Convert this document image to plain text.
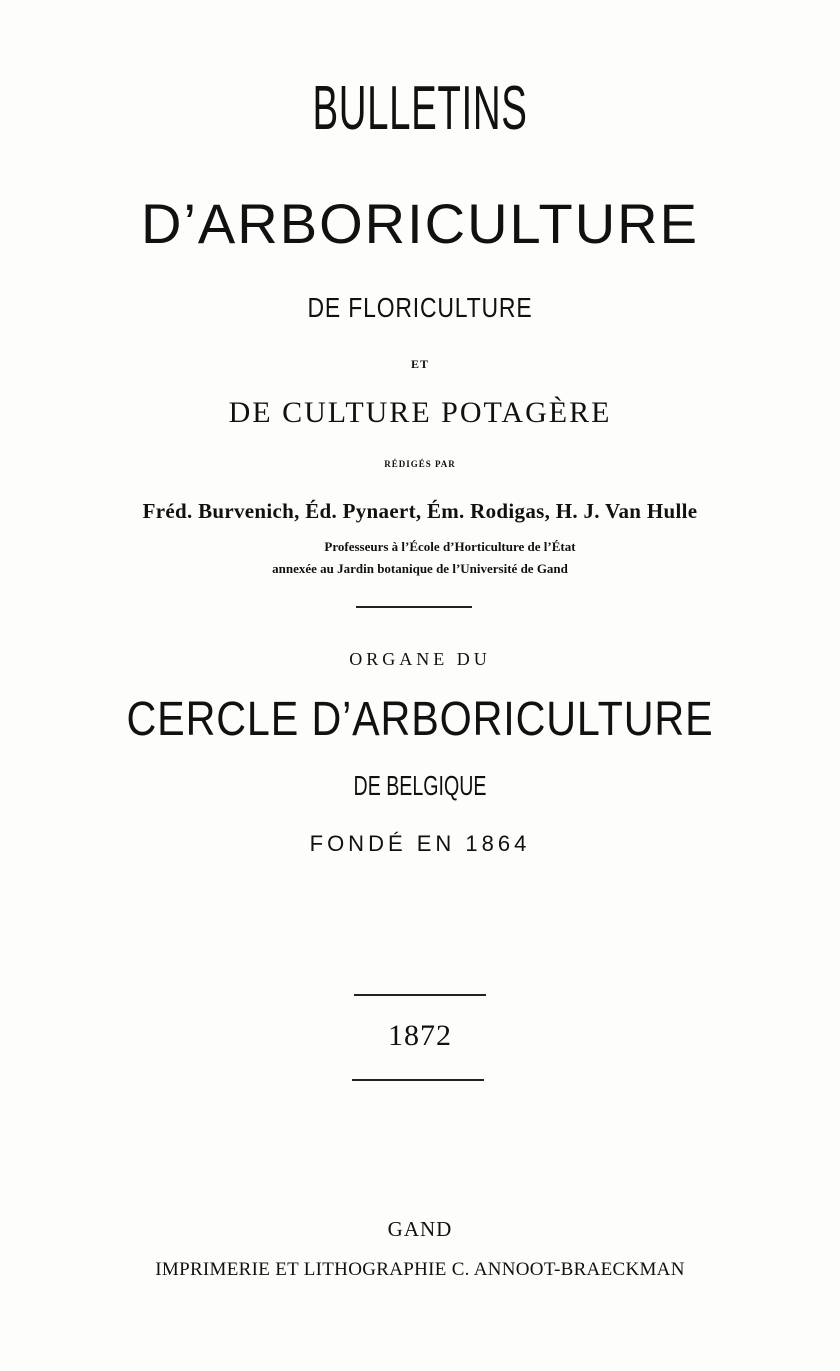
BULLETINS
D’ARBORICULTURE
DE FLORICULTURE
ET
DE CULTURE POTAGÈRE
RÉDIGÉS PAR
Fréd. Burvenich, Éd. Pynaert, Ém. Rodigas, H. J. Van Hulle
Professeurs à l’École d’Horticulture de l’État
annexée au Jardin botanique de l’Université de Gand
ORGANE DU
CERCLE D’ARBORICULTURE
DE BELGIQUE
FONDÉ EN 1864
1872
GAND
IMPRIMERIE ET LITHOGRAPHIE C. ANNOOT-BRAECKMAN
